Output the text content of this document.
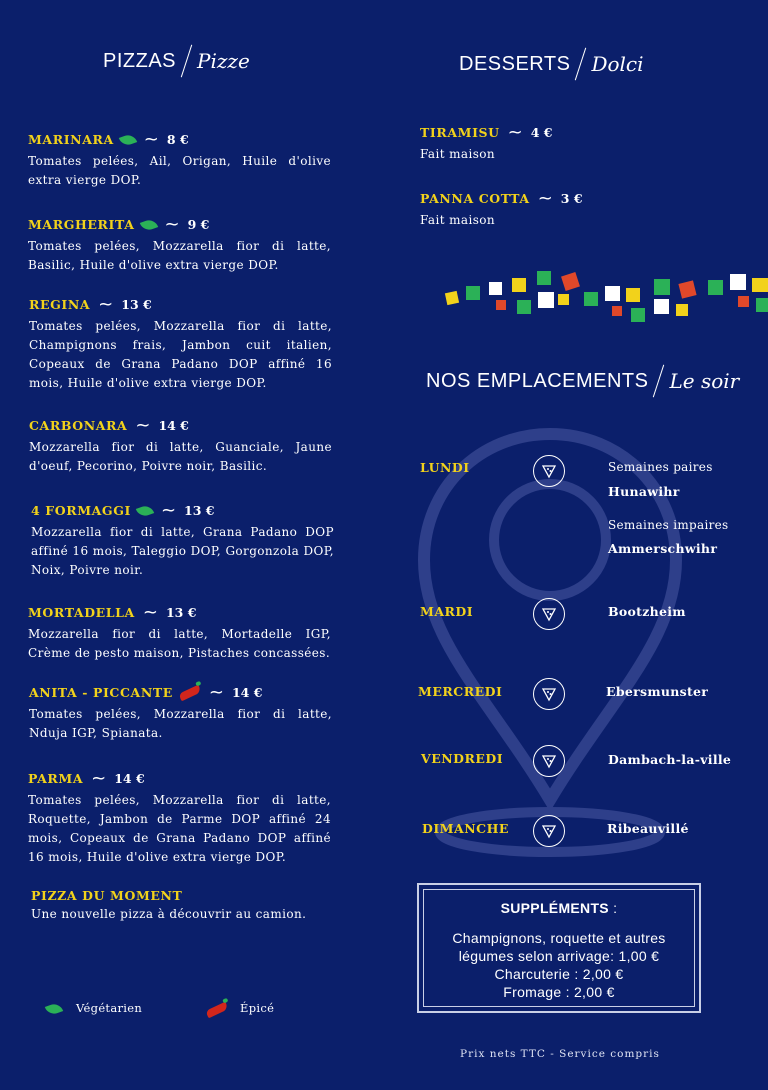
PIZZAS Pizze	DESSERTS Dolci
NOS EMPLACEMENTS Le soir
MARINARA ~ 8 €
Tomates pelées, Ail, Origan, Huile d'olive extra vierge DOP.
MARGHERITA ~ 9 €
Tomates pelées, Mozzarella fior di latte, Basilic, Huile d'olive extra vierge DOP.
REGINA ~ 13 €
Tomates pelées, Mozzarella fior di latte, Champignons frais, Jambon cuit italien, Copeaux de Grana Padano DOP affiné 16 mois, Huile d'olive extra vierge DOP.
CARBONARA ~ 14 €
Mozzarella fior di latte, Guanciale, Jaune d'oeuf, Pecorino, Poivre noir, Basilic.
4 FORMAGGI ~ 13 €
Mozzarella fior di latte, Grana Padano DOP affiné 16 mois, Taleggio DOP, Gorgonzola DOP, Noix, Poivre noir.
MORTADELLA ~ 13 €
Mozzarella fior di latte, Mortadelle IGP, Crème de pesto maison, Pistaches concassées.
ANITA - PICCANTE ~ 14 €
Tomates pelées, Mozzarella fior di latte, Nduja IGP, Spianata.
PARMA ~ 14 €
Tomates pelées, Mozzarella fior di latte, Roquette, Jambon de Parme DOP affiné 24 mois, Copeaux de Grana Padano DOP affiné 16 mois, Huile d'olive extra vierge DOP.
PIZZA DU MOMENT
Une nouvelle pizza à découvrir au camion.
Végétarien	Épicé
TIRAMISU ~ 4 €
Fait maison
PANNA COTTA ~ 3 €
Fait maison
LUNDI	Semaines paires
Hunawihr
Semaines impaires
Ammerschwihr
MARDI	Bootzheim
MERCREDI	Ebersmunster
VENDREDI	Dambach-la-ville
DIMANCHE	Ribeauvillé
SUPPLÉMENTS :
Champignons, roquette et autres
légumes selon arrivage: 1,00 €
Charcuterie : 2,00 €
Fromage : 2,00 €
Prix nets TTC - Service compris
